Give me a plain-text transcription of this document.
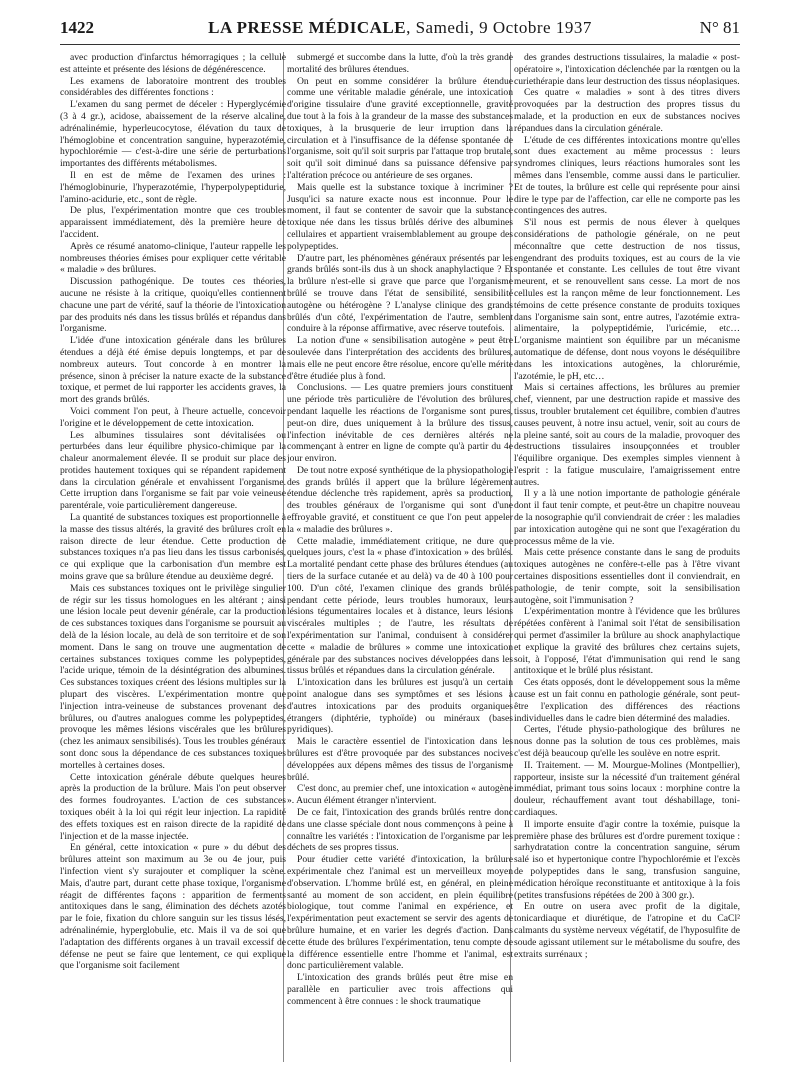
1422	LA PRESSE MÉDICALE, Samedi, 9 Octobre 1937	N° 81

avec production d'infarctus hémorragiques ; la cellule est atteinte et présente des lésions de dégénérescence.

Les examens de laboratoire montrent des troubles considérables des différentes fonctions :

L'examen du sang permet de déceler : Hyperglycémie (3 à 4 gr.), acidose, abaissement de la réserve alcaline, adrénalinémie, hyperleucocytose, élévation du taux de l'hémoglobine et concentration sanguine, hyperazotémie, hypochlorémie — c'est-à-dire une série de perturbations importantes des différents métabolismes.

Il en est de même de l'examen des urines : l'hémoglobinurie, l'hyperazotémie, l'hyperpolypeptidurie, l'amino-acidurie, etc., sont de règle.

De plus, l'expérimentation montre que ces troubles apparaissent immédiatement, dès la première heure de l'accident.

Après ce résumé anatomo-clinique, l'auteur rappelle les nombreuses théories émises pour expliquer cette véritable « maladie » des brûlures.

Discussion pathogénique. De toutes ces théories, aucune ne résiste à la critique, quoiqu'elles contiennent chacune une part de vérité, sauf la théorie de l'intoxication par des produits nés dans les tissus brûlés et répandus dans l'organisme.

L'idée d'une intoxication générale dans les brûlures étendues a déjà été émise depuis longtemps, et par de nombreux auteurs. Tout concorde à en montrer la présence, sinon à préciser la nature exacte de la substance toxique, et permet de lui rapporter les accidents graves, la mort des grands brûlés.

Voici comment l'on peut, à l'heure actuelle, concevoir l'origine et le développement de cette intoxication.

Les albumines tissulaires sont dévitalisées ou perturbées dans leur équilibre physico-chimique par la chaleur anormalement élevée. Il se produit sur place des protides hautement toxiques qui se répandent rapidement dans la circulation générale et envahissent l'organisme. Cette irruption dans l'organisme se fait par voie veineuse parentérale, voie particulièrement dangereuse.

La quantité de substances toxiques est proportionnelle à la masse des tissus altérés, la gravité des brûlures croît en raison directe de leur étendue. Cette production de substances toxiques n'a pas lieu dans les tissus carbonisés, ce qui explique que la carbonisation d'un membre est moins grave que sa brûlure étendue au deuxième degré.

Mais ces substances toxiques ont le privilège singulier de régir sur les tissus homologues en les altérant ; ainsi une lésion locale peut devenir générale, car la production de ces substances toxiques dans l'organisme se poursuit au delà de la lésion locale, au delà de son territoire et de son moment. Dans le sang on trouve une augmentation de certaines substances toxiques comme les polypeptides, l'acide urique, témoin de la désintégration des albumines. Ces substances toxiques créent des lésions multiples sur la plupart des viscères. L'expérimentation montre que l'injection intra-veineuse de substances provenant des brûlures, ou d'autres analogues comme les polypeptides, provoque les mêmes lésions viscérales que les brûlures (chez les animaux sensibilisés). Tous les troubles généraux sont donc sous la dépendance de ces substances toxiques mortelles à certaines doses.

Cette intoxication générale débute quelques heures après la production de la brûlure. Mais l'on peut observer des formes foudroyantes. L'action de ces substances toxiques obéit à la loi qui régit leur injection. La rapidité des effets toxiques est en raison directe de la rapidité de l'injection et de la masse injectée.

En général, cette intoxication « pure » du début des brûlures atteint son maximum au 3e ou 4e jour, puis l'infection vient s'y surajouter et compliquer la scène. Mais, d'autre part, durant cette phase toxique, l'organisme réagit de différentes façons : apparition de ferments antitoxiques dans le sang, élimination des déchets azotés par le foie, fixation du chlore sanguin sur les tissus lésés, adrénalinémie, hyperglobulie, etc. Mais il va de soi que l'adaptation des différents organes à un travail excessif de défense ne peut se faire que lentement, ce qui explique que l'organisme soit facilement

submergé et succombe dans la lutte, d'où la très grande mortalité des brûlures étendues.

On peut en somme considérer la brûlure étendue comme une véritable maladie générale, une intoxication d'origine tissulaire d'une gravité exceptionnelle, gravité due tout à la fois à la grandeur de la masse des substances toxiques, à la brusquerie de leur irruption dans la circulation et à l'insuffisance de la défense spontanée de l'organisme, soit qu'il soit surpris par l'attaque trop brutale, soit qu'il soit diminué dans sa puissance défensive par l'altération précoce ou antérieure de ses organes.

Mais quelle est la substance toxique à incriminer ? Jusqu'ici sa nature exacte nous est inconnue. Pour le moment, il faut se contenter de savoir que la substance toxique née dans les tissus brûlés dérive des albumines cellulaires et appartient vraisemblablement au groupe des polypeptides.

D'autre part, les phénomènes généraux présentés par les grands brûlés sont-ils dus à un shock anaphylactique ? Et la brûlure n'est-elle si grave que parce que l'organisme brûlé se trouve dans l'état de sensibilité, sensibilité autogène ou hétérogène ? L'analyse clinique des grands brûlés d'un côté, l'expérimentation de l'autre, semblent conduire à la réponse affirmative, avec réserve toutefois.

La notion d'une « sensibilisation autogène » peut être soulevée dans l'interprétation des accidents des brûlures, mais elle ne peut encore être résolue, encore qu'elle mérite d'être étudiée plus à fond.

Conclusions. — Les quatre premiers jours constituent une période très particulière de l'évolution des brûlures, pendant laquelle les réactions de l'organisme sont pures, peut-on dire, dues uniquement à la brûlure des tissus, l'infection inévitable de ces dernières altérés ne commençant à entrer en ligne de compte qu'à partir du 4e jour environ.

De tout notre exposé synthétique de la physiopathologie des grands brûlés il appert que la brûlure légèrement étendue déclenche très rapidement, après sa production, des troubles généraux de l'organisme qui sont d'une effroyable gravité, et constituent ce que l'on peut appeler la « maladie des brûlures ».

Cette maladie, immédiatement critique, ne dure que quelques jours, c'est la « phase d'intoxication » des brûlés. La mortalité pendant cette phase des brûlures étendues (au tiers de la surface cutanée et au delà) va de 40 à 100 pour 100. D'un côté, l'examen clinique des grands brûlés pendant cette période, leurs troubles humoraux, leurs lésions tégumentaires locales et à distance, leurs lésions viscérales multiples ; de l'autre, les résultats de l'expérimentation sur l'animal, conduisent à considérer cette « maladie de brûlures » comme une intoxication générale par des substances nocives développées dans les tissus brûlés et répandues dans la circulation générale.

L'intoxication dans les brûlures est jusqu'à un certain point analogue dans ses symptômes et ses lésions à d'autres intoxications par des produits organiques étrangers (diphtérie, typhoïde) ou minéraux (bases pyridiques).

Mais le caractère essentiel de l'intoxication dans les brûlures est d'être provoquée par des substances nocives développées aux dépens mêmes des tissus de l'organisme brûlé.

C'est donc, au premier chef, une intoxication « autogène ». Aucun élément étranger n'intervient.

De ce fait, l'intoxication des grands brûlés rentre donc dans une classe spéciale dont nous commençons à peine à connaître les variétés : l'intoxication de l'organisme par les déchets de ses propres tissus.

Pour étudier cette variété d'intoxication, la brûlure expérimentale chez l'animal est un merveilleux moyen d'observation. L'homme brûlé est, en général, en pleine santé au moment de son accident, en plein équilibre biologique, tout comme l'animal en expérience, et l'expérimentation peut exactement se servir des agents de brûlure humaine, et en varier les degrés d'action. Dans cette étude des brûlures l'expérimentation, tenu compte de la différence essentielle entre l'homme et l'animal, est donc particulièrement valable.

L'intoxication des grands brûlés peut être mise en parallèle en particulier avec trois affections qui commencent à être connues : le shock traumatique

des grandes destructions tissulaires, la maladie « post-opératoire », l'intoxication déclenchée par la rœntgen ou la curiethérapie dans leur destruction des tissus néoplasiques.

Ces quatre « maladies » sont à des titres divers provoquées par la destruction des propres tissus du malade, et la production en eux de substances nocives répandues dans la circulation générale.

L'étude de ces différentes intoxications montre qu'elles sont dues exactement au même processus : leurs syndromes cliniques, leurs réactions humorales sont les mêmes dans l'ensemble, comme aussi dans le particulier. Et de toutes, la brûlure est celle qui représente pour ainsi dire le type par de l'affection, car elle ne comporte pas les contingences des autres.

S'il nous est permis de nous élever à quelques considérations de pathologie générale, on ne peut méconnaître que cette destruction de nos tissus, engendrant des produits toxiques, est au cours de la vie spontanée et constante. Les cellules de tout être vivant meurent, et se renouvellent sans cesse. La mort de nos cellules est la rançon même de leur fonctionnement. Les témoins de cette présence constante de produits toxiques dans l'organisme sain sont, entre autres, l'azotémie extra-alimentaire, la polypeptidémie, l'uricémie, etc… L'organisme maintient son équilibre par un mécanisme automatique de défense, dont nous voyons le déséquilibre dans les intoxications autogènes, la chlorurémie, l'azotémie, le pH, etc…

Mais si certaines affections, les brûlures au premier chef, viennent, par une destruction rapide et massive des tissus, troubler brutalement cet équilibre, combien d'autres causes peuvent, à notre insu actuel, venir, soit au cours de la pleine santé, soit au cours de la maladie, provoquer des destructions tissulaires insoupçonnées et troubler l'équilibre organique. Des exemples simples viennent à l'esprit : la fatigue musculaire, l'amaigrissement entre autres.

Il y a là une notion importante de pathologie générale dont il faut tenir compte, et peut-être un chapitre nouveau de la nosographie qu'il conviendrait de créer : les maladies par intoxication autogène qui ne sont que l'exagération du processus même de la vie.

Mais cette présence constante dans le sang de produits toxiques autogènes ne confère-t-elle pas à l'être vivant certaines dispositions essentielles dont il conviendrait, en pathologie, de tenir compte, soit la sensibilisation autogène, soit l'immunisation ?

L'expérimentation montre à l'évidence que les brûlures répétées confèrent à l'animal soit l'état de sensibilisation qui permet d'assimiler la brûlure au shock anaphylactique et explique la gravité des brûlures chez certains sujets, soit, à l'opposé, l'état d'immunisation qui rend le sang antitoxique et le brûlé plus résistant.

Ces états opposés, dont le développement sous la même cause est un fait connu en pathologie générale, sont peut-être l'explication des différences des réactions individuelles dans le cadre bien déterminé des maladies.

Certes, l'étude physio-pathologique des brûlures ne nous donne pas la solution de tous ces problèmes, mais c'est déjà beaucoup qu'elle les soulève en notre esprit.

II. Traitement. — M. Mourgue-Molines (Montpellier), rapporteur, insiste sur la nécessité d'un traitement général immédiat, primant tous soins locaux : morphine contre la douleur, réchauffement avant tout déshabillage, toni-cardiaques.

Il importe ensuite d'agir contre la toxémie, puisque la première phase des brûlures est d'ordre purement toxique : sarhydratation contre la concentration sanguine, sérum salé iso et hypertonique contre l'hypochlorémie et l'excès de polypeptides dans le sang, transfusion sanguine, médication héroïque reconstituante et antitoxique à la fois (petites transfusions répétées de 200 à 300 gr.).

En outre on usera avec profit de la digitale, tonicardiaque et diurétique, de l'atropine et du CaCl² calmants du système nerveux végétatif, de l'hyposulfite de soude agissant utilement sur le métabolisme du soufre, des extraits surrénaux ;
